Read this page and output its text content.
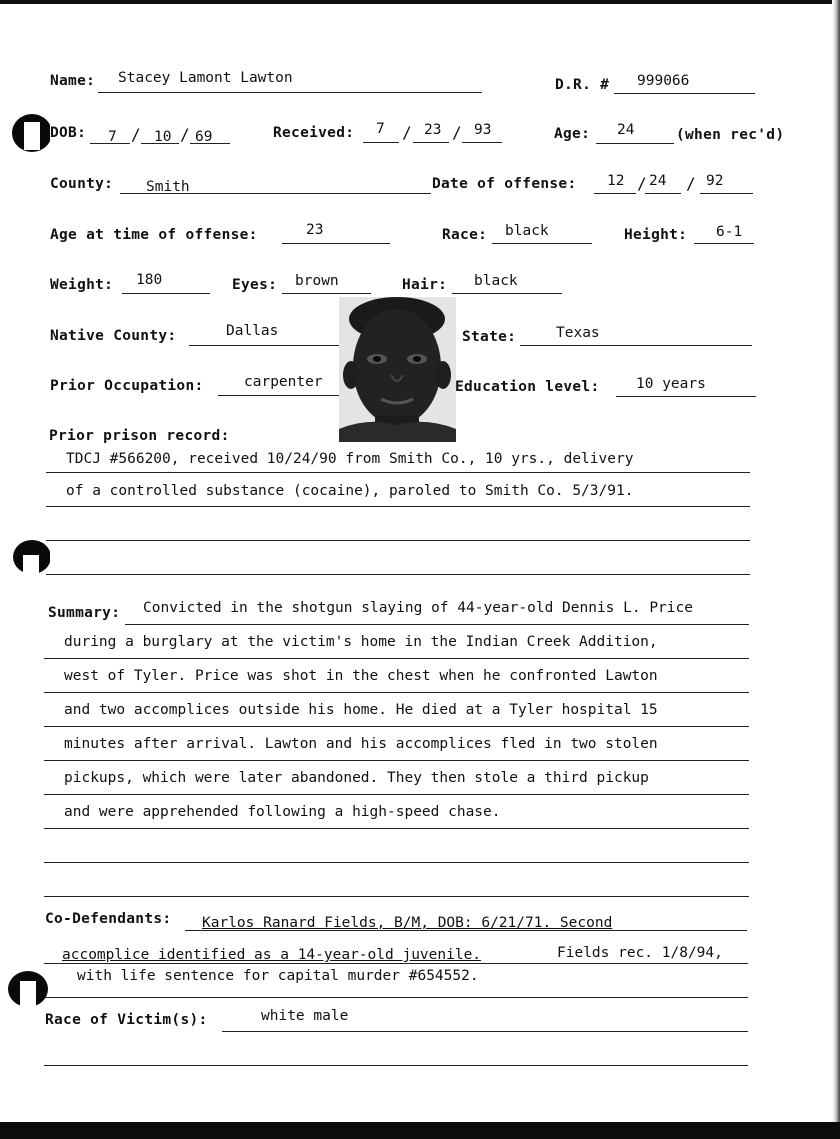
Name: Stacey Lamont Lawton	D.R. # 999066
DOB: 7 / 10 / 69	Received: 7 / 23 / 93	Age: 24	(when rec'd)
County: Smith	Date of offense: 12 / 24 / 92
Age at time of offense:	23	Race: black	Height: 6-1
Weight: 180	Eyes: brown	Hair: black
Native County:	Dallas	State:	Texas
Prior Occupation:	carpenter	Education level:	10 years
Prior prison record:
TDCJ #566200, received 10/24/90 from Smith Co., 10 yrs., delivery
of a controlled substance (cocaine), paroled to Smith Co. 5/3/91.
Summary: Convicted in the shotgun slaying of 44-year-old Dennis L. Price
during a burglary at the victim's home in the Indian Creek Addition,
west of Tyler. Price was shot in the chest when he confronted Lawton
and two accomplices outside his home. He died at a Tyler hospital 15
minutes after arrival. Lawton and his accomplices fled in two stolen
pickups, which were later abandoned. They then stole a third pickup
and were apprehended following a high-speed chase.
Co-Defendants: Karlos Ranard Fields, B/M, DOB: 6/21/71. Second
accomplice identified as a 14-year-old juvenile.	Fields rec. 1/8/94,
with life sentence for capital murder #654552.
Race of Victim(s):	white male
